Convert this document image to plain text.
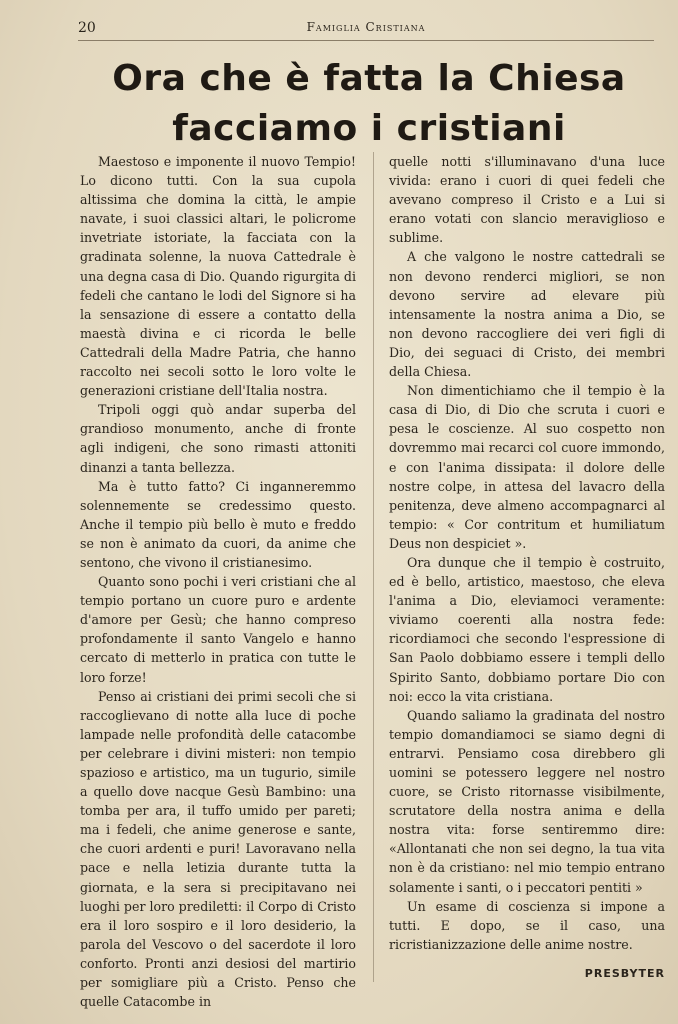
20	Famiglia Cristiana
Ora che è fatta la Chiesa
facciamo i cristiani

Maestoso e imponente il nuovo Tempio! Lo dicono tutti. Con la sua cupola altissima che domina la città, le ampie navate, i suoi classici altari, le policrome invetriate istoriate, la facciata con la gradinata solenne, la nuova Cattedrale è una degna casa di Dio. Quando rigurgita di fedeli che cantano le lodi del Signore si ha la sensazione di essere a contatto della maestà divina e ci ricorda le belle Cattedrali della Madre Patria, che hanno raccolto nei secoli sotto le loro volte le generazioni cristiane dell'Italia nostra.

Tripoli oggi quò andar superba del grandioso monumento, anche di fronte agli indigeni, che sono rimasti attoniti dinanzi a tanta bellezza.

Ma è tutto fatto? Ci inganneremmo solennemente se credessimo questo. Anche il tempio più bello è muto e freddo se non è animato da cuori, da anime che sentono, che vivono il cristianesimo.

Quanto sono pochi i veri cristiani che al tempio portano un cuore puro e ardente d'amore per Gesù; che hanno compreso profondamente il santo Vangelo e hanno cercato di metterlo in pratica con tutte le loro forze!

Penso ai cristiani dei primi secoli che si raccoglievano di notte alla luce di poche lampade nelle profondità delle catacombe per celebrare i divini misteri: non tempio spazioso e artistico, ma un tugurio, simile a quello dove nacque Gesù Bambino: una tomba per ara, il tuffo umido per pareti; ma i fedeli, che anime generose e sante, che cuori ardenti e puri! Lavoravano nella pace e nella letizia durante tutta la giornata, e la sera si precipitavano nei luoghi per loro prediletti: il Corpo di Cristo era il loro sospiro e il loro desiderio, la parola del Vescovo o del sacerdote il loro conforto. Pronti anzi desiosi del martirio per somigliare più a Cristo. Penso che quelle Catacombe in

quelle notti s'illuminavano d'una luce vivida: erano i cuori di quei fedeli che avevano compreso il Cristo e a Lui si erano votati con slancio meraviglioso e sublime.

A che valgono le nostre cattedrali se non devono renderci migliori, se non devono servire ad elevare più intensamente la nostra anima a Dio, se non devono raccogliere dei veri figli di Dio, dei seguaci di Cristo, dei membri della Chiesa.

Non dimentichiamo che il tempio è la casa di Dio, di Dio che scruta i cuori e pesa le coscienze. Al suo cospetto non dovremmo mai recarci col cuore immondo, e con l'anima dissipata: il dolore delle nostre colpe, in attesa del lavacro della penitenza, deve almeno accompagnarci al tempio: « Cor contritum et humiliatum Deus non despiciet ».

Ora dunque che il tempio è costruito, ed è bello, artistico, maestoso, che eleva l'anima a Dio, eleviamoci veramente: viviamo coerenti alla nostra fede: ricordiamoci che secondo l'espressione di San Paolo dobbiamo essere i templi dello Spirito Santo, dobbiamo portare Dio con noi: ecco la vita cristiana.

Quando saliamo la gradinata del nostro tempio domandiamoci se siamo degni di entrarvi. Pensiamo cosa direbbero gli uomini se potessero leggere nel nostro cuore, se Cristo ritornasse visibilmente, scrutatore della nostra anima e della nostra vita: forse sentiremmo dire: «Allontanati che non sei degno, la tua vita non è da cristiano: nel mio tempio entrano solamente i santi, o i peccatori pentiti »

Un esame di coscienza si impone a tutti. E dopo, se il caso, una ricristianizzazione delle anime nostre.

PRESBYTER
